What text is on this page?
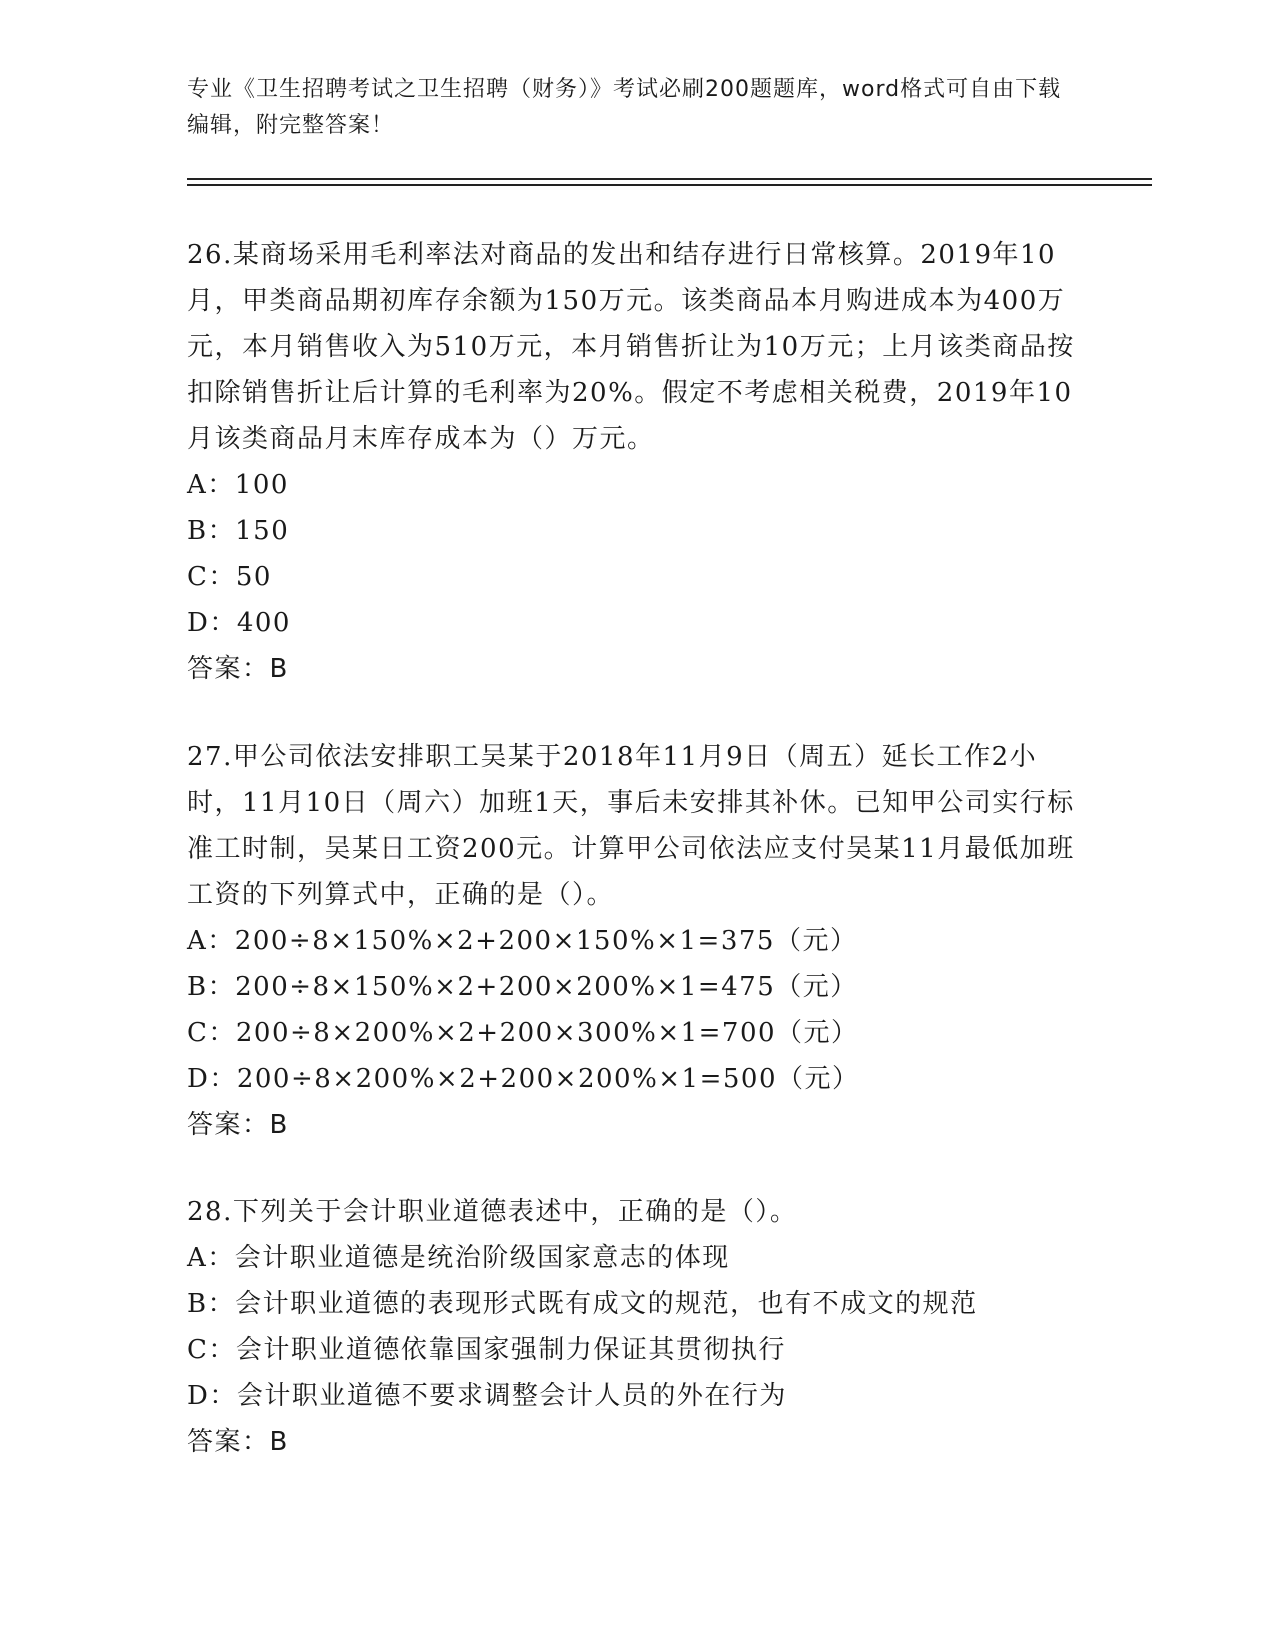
专业《卫生招聘考试之卫生招聘（财务）》考试必刷200题题库，word格式可自由下载编辑，附完整答案！
26.某商场采用毛利率法对商品的发出和结存进行日常核算。2019年10月，甲类商品期初库存余额为150万元。该类商品本月购进成本为400万元，本月销售收入为510万元，本月销售折让为10万元；上月该类商品按扣除销售折让后计算的毛利率为20%。假定不考虑相关税费，2019年10月该类商品月末库存成本为（）万元。
A：100
B：150
C：50
D：400
答案：B
27.甲公司依法安排职工吴某于2018年11月9日（周五）延长工作2小时，11月10日（周六）加班1天，事后未安排其补休。已知甲公司实行标准工时制，吴某日工资200元。计算甲公司依法应支付吴某11月最低加班工资的下列算式中，正确的是（）。
A：200÷8×150%×2+200×150%×1=375（元）
B：200÷8×150%×2+200×200%×1=475（元）
C：200÷8×200%×2+200×300%×1=700（元）
D：200÷8×200%×2+200×200%×1=500（元）
答案：B
28.下列关于会计职业道德表述中，正确的是（）。
A：会计职业道德是统治阶级国家意志的体现
B：会计职业道德的表现形式既有成文的规范，也有不成文的规范
C：会计职业道德依靠国家强制力保证其贯彻执行
D：会计职业道德不要求调整会计人员的外在行为
答案：B
